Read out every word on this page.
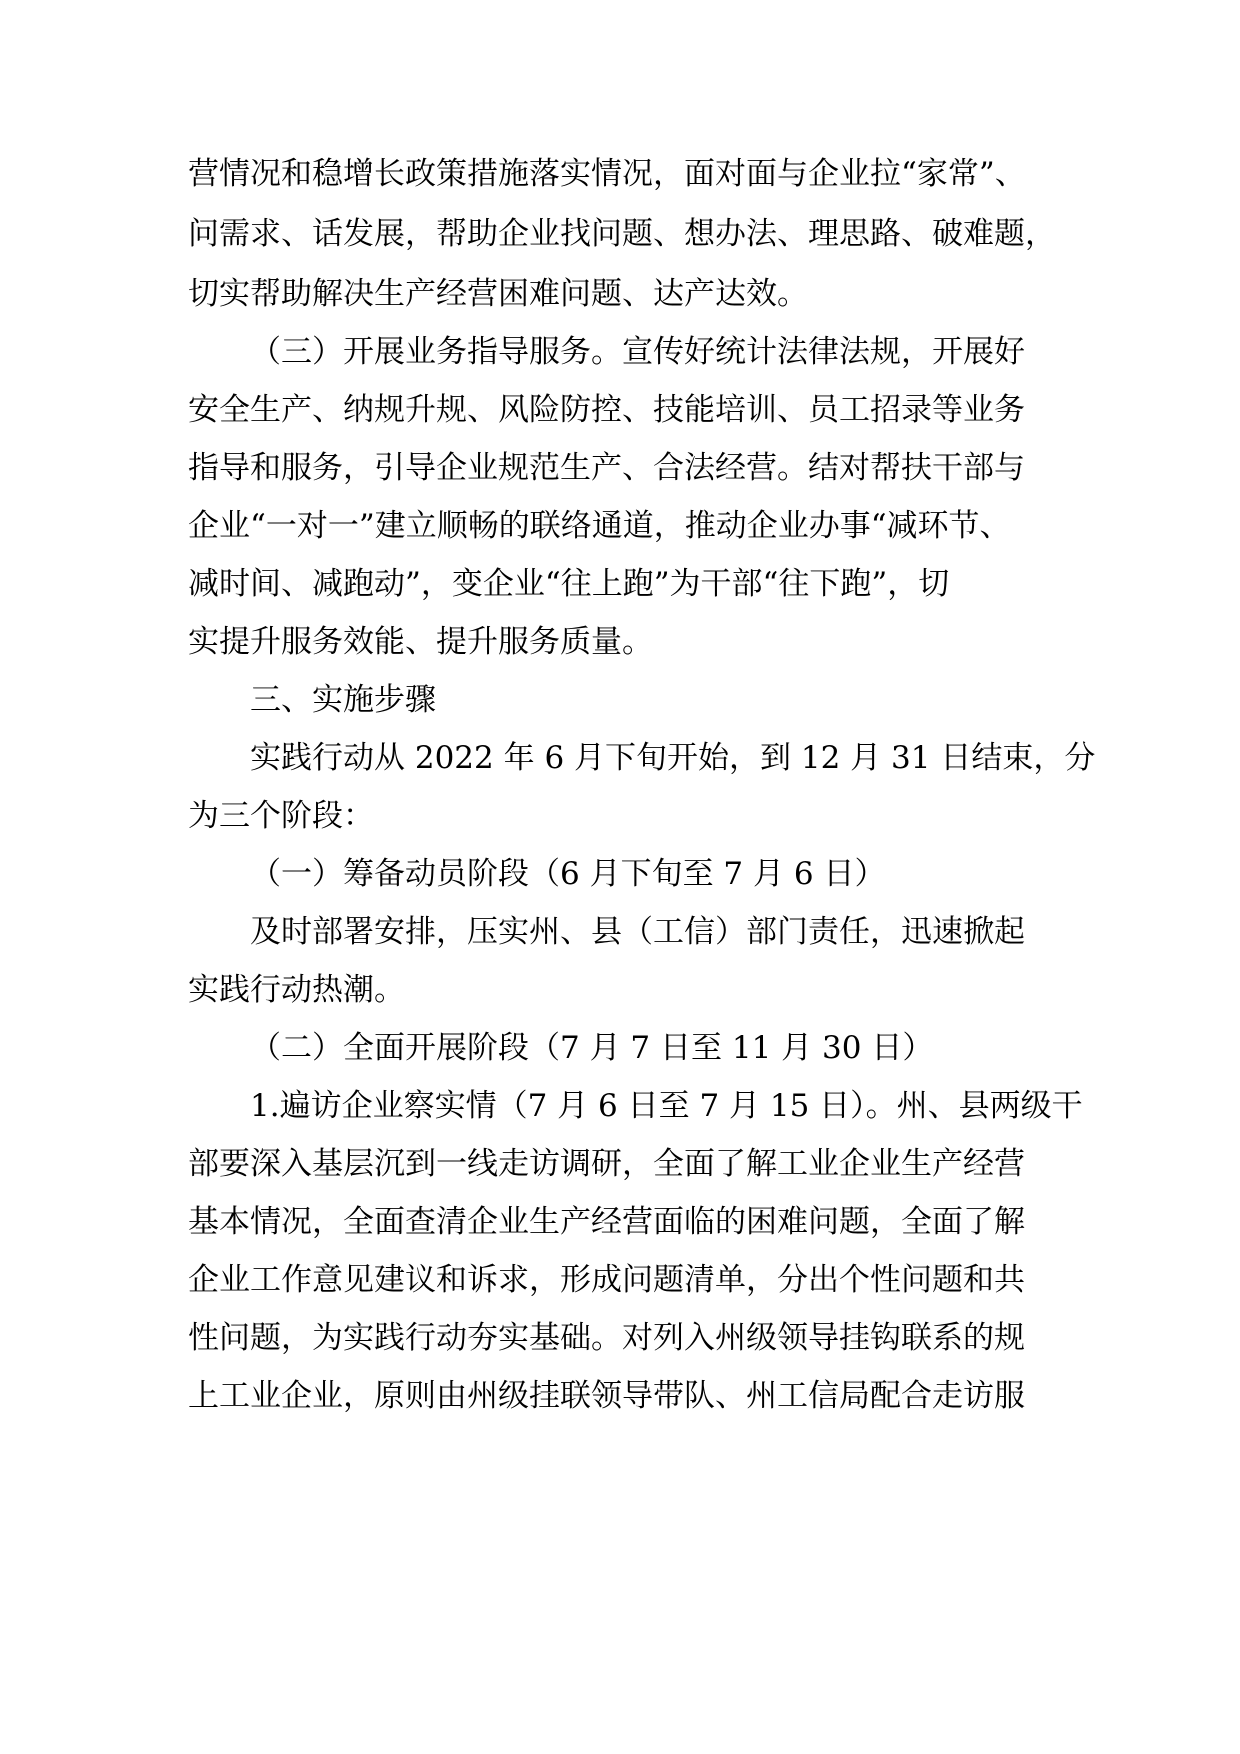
营情况和稳增长政策措施落实情况，面对面与企业拉“家常”、
问需求、话发展，帮助企业找问题、想办法、理思路、破难题，
切实帮助解决生产经营困难问题、达产达效。
（三）开展业务指导服务。宣传好统计法律法规，开展好
安全生产、纳规升规、风险防控、技能培训、员工招录等业务
指导和服务，引导企业规范生产、合法经营。结对帮扶干部与
企业“一对一”建立顺畅的联络通道，推动企业办事“减环节、
减时间、减跑动”，变企业“往上跑”为干部“往下跑”，切
实提升服务效能、提升服务质量。
三、实施步骤
实践行动从 2022 年 6 月下旬开始，到 12 月 31 日结束，分
为三个阶段：
（一）筹备动员阶段（6 月下旬至 7 月 6 日）
及时部署安排，压实州、县（工信）部门责任，迅速掀起
实践行动热潮。
（二）全面开展阶段（7 月 7 日至 11 月 30 日）
1.遍访企业察实情（7 月 6 日至 7 月 15 日）。州、县两级干
部要深入基层沉到一线走访调研，全面了解工业企业生产经营
基本情况，全面查清企业生产经营面临的困难问题，全面了解
企业工作意见建议和诉求，形成问题清单，分出个性问题和共
性问题，为实践行动夯实基础。对列入州级领导挂钩联系的规
上工业企业，原则由州级挂联领导带队、州工信局配合走访服
